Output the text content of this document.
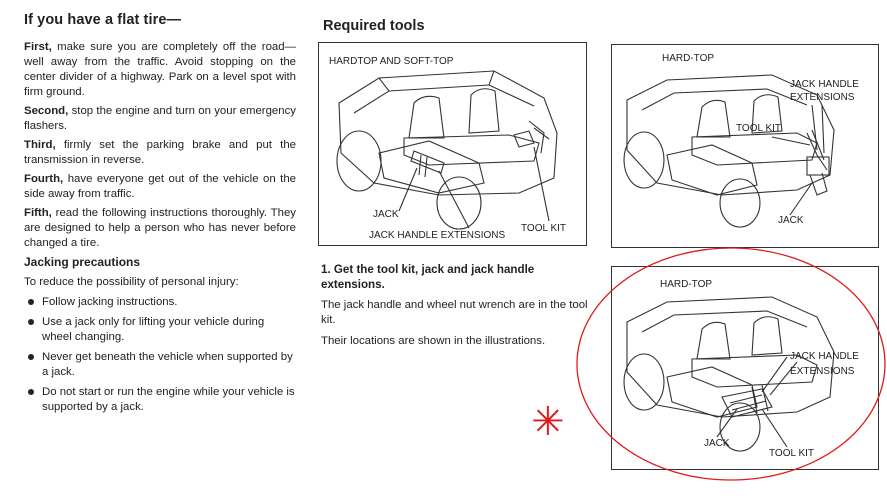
If you have a flat tire—
First, make sure you are completely off the road—well away from the traffic. Avoid stopping on the center divider of a highway. Park on a level spot with firm ground.
Second, stop the engine and turn on your emergency flashers.
Third, firmly set the parking brake and put the transmission in reverse.
Fourth, have everyone get out of the vehicle on the side away from traffic.
Fifth, read the following instructions thoroughly. They are designed to help a person who has never before changed a tire.
Jacking precautions
To reduce the possibility of personal injury:
Follow jacking instructions.
Use a jack only for lifting your vehicle during wheel changing.
Never get beneath the vehicle when supported by a jack.
Do not start or run the engine while your vehicle is supported by a jack.
Required tools
HARDTOP AND SOFT-TOP
JACK
JACK HANDLE EXTENSIONS
TOOL KIT
HARD-TOP
JACK HANDLE
EXTENSIONS
TOOL KIT
JACK
1. Get the tool kit, jack and jack handle extensions.
The jack handle and wheel nut wrench are in the tool kit.
Their locations are shown in the illustrations.
HARD-TOP
JACK HANDLE
EXTENSIONS
JACK
TOOL KIT
✳
